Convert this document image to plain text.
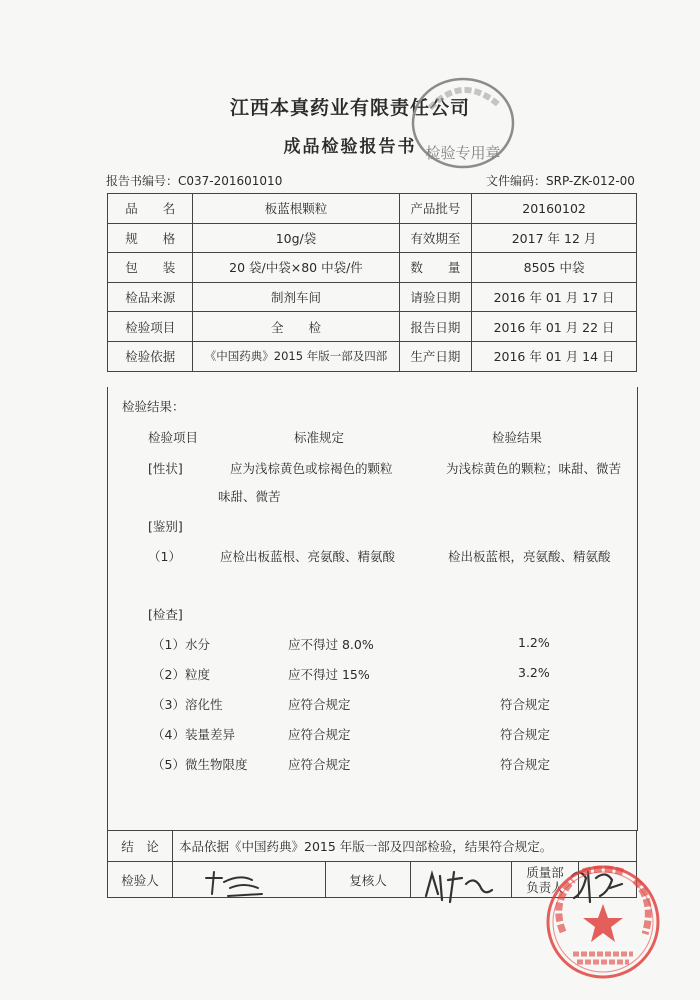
江西本真药业有限责任公司
成品检验报告书 检验专用章
报告书编号：C037-201601010	文件编码：SRP-ZK-012-00
品　　名	板蓝根颗粒	产品批号	20160102
规　　格	10g/袋	有效期至	2017 年 12 月
包　　装	20 袋/中袋×80 中袋/件	数　　量	8505 中袋
检品来源	制剂车间	请验日期	2016 年 01 月 17 日
检验项目	全　　检	报告日期	2016 年 01 月 22 日
检验依据	《中国药典》2015 年版一部及四部	生产日期	2016 年 01 月 14 日
检验结果：
检验项目	标准规定	检验结果
[性状]	应为浅棕黄色或棕褐色的颗粒	为浅棕黄色的颗粒；味甜、微苦
味甜、微苦
[鉴别]
（1）	应检出板蓝根、亮氨酸、精氨酸	检出板蓝根，亮氨酸、精氨酸
[检查]
（1）水分	应不得过 8.0%	1.2%
（2）粒度	应不得过 15%	3.2%
（3）溶化性	应符合规定	符合规定
（4）装量差异	应符合规定	符合规定
（5）微生物限度	应符合规定	符合规定
结　论	本品依据《中国药典》2015 年版一部及四部检验，结果符合规定。				
检验人		复核人		质量部
负责人	
